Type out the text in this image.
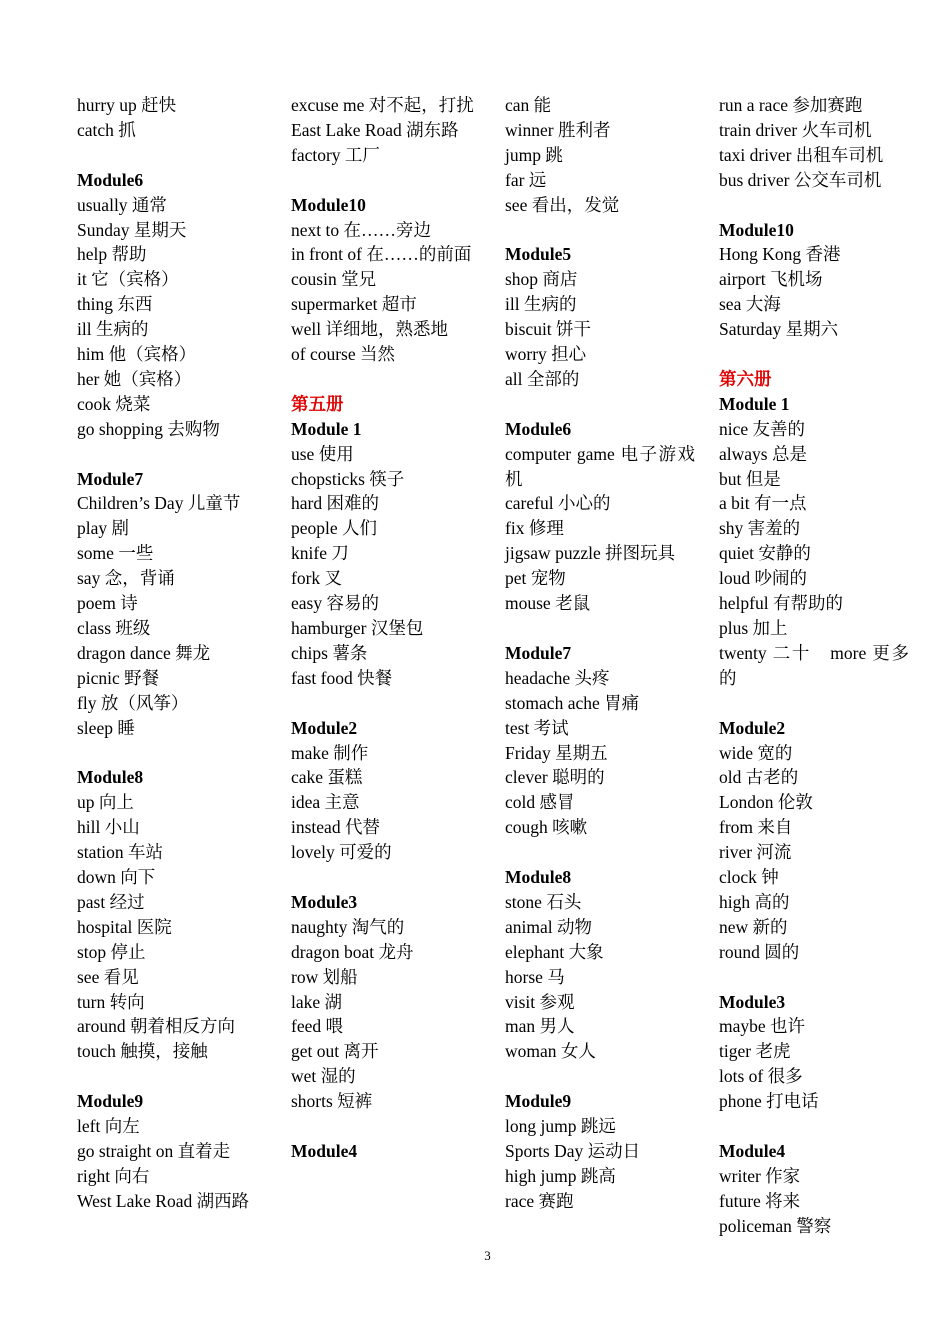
hurry up 赶快
catch 抓
Module6
usually 通常
Sunday 星期天
help 帮助
it 它（宾格）
thing 东西
ill 生病的
him 他（宾格）
her 她（宾格）
cook 烧菜
go shopping 去购物
Module7
Children’s Day 儿童节
play 剧
some 一些
say 念，背诵
poem 诗
class 班级
dragon dance 舞龙
picnic 野餐
fly 放（风筝）
sleep 睡
Module8
up 向上
hill 小山
station 车站
down 向下
past 经过
hospital 医院
stop 停止
see 看见
turn 转向
around 朝着相反方向
touch 触摸，接触
Module9
left 向左
go straight on 直着走
right 向右
West Lake Road 湖西路
excuse me 对不起，打扰
East Lake Road 湖东路
factory 工厂
Module10
next to 在……旁边
in front of 在……的前面
cousin 堂兄
supermarket 超市
well 详细地，熟悉地
of course 当然
第五册
Module 1
use 使用
chopsticks 筷子
hard 困难的
people 人们
knife 刀
fork 叉
easy 容易的
hamburger 汉堡包
chips 薯条
fast food 快餐
Module2
make 制作
cake 蛋糕
idea 主意
instead 代替
lovely 可爱的
Module3
naughty 淘气的
dragon boat 龙舟
row 划船
lake 湖
feed 喂
get out 离开
wet 湿的
shorts 短裤
Module4
can 能
winner 胜利者
jump 跳
far 远
see 看出，发觉
Module5
shop 商店
ill 生病的
biscuit 饼干
worry 担心
all 全部的
Module6
computer game 电子游戏机
careful 小心的
fix 修理
jigsaw puzzle 拼图玩具
pet 宠物
mouse 老鼠
Module7
headache 头疼
stomach ache 胃痛
test 考试
Friday 星期五
clever 聪明的
cold 感冒
cough 咳嗽
Module8
stone 石头
animal 动物
elephant 大象
horse 马
visit 参观
man 男人
woman 女人
Module9
long jump 跳远
Sports Day 运动日
high jump 跳高
race 赛跑
run a race 参加赛跑
train driver 火车司机
taxi driver 出租车司机
bus driver 公交车司机
Module10
Hong Kong 香港
airport 飞机场
sea 大海
Saturday 星期六
第六册
Module 1
nice 友善的
always 总是
but 但是
a bit 有一点
shy 害羞的
quiet 安静的
loud 吵闹的
helpful 有帮助的
plus 加上
twenty 二十　more 更多的
Module2
wide 宽的
old 古老的
London 伦敦
from 来自
river 河流
clock 钟
high 高的
new 新的
round 圆的
Module3
maybe 也许
tiger 老虎
lots of 很多
phone 打电话
Module4
writer 作家
future 将来
policeman 警察
3
